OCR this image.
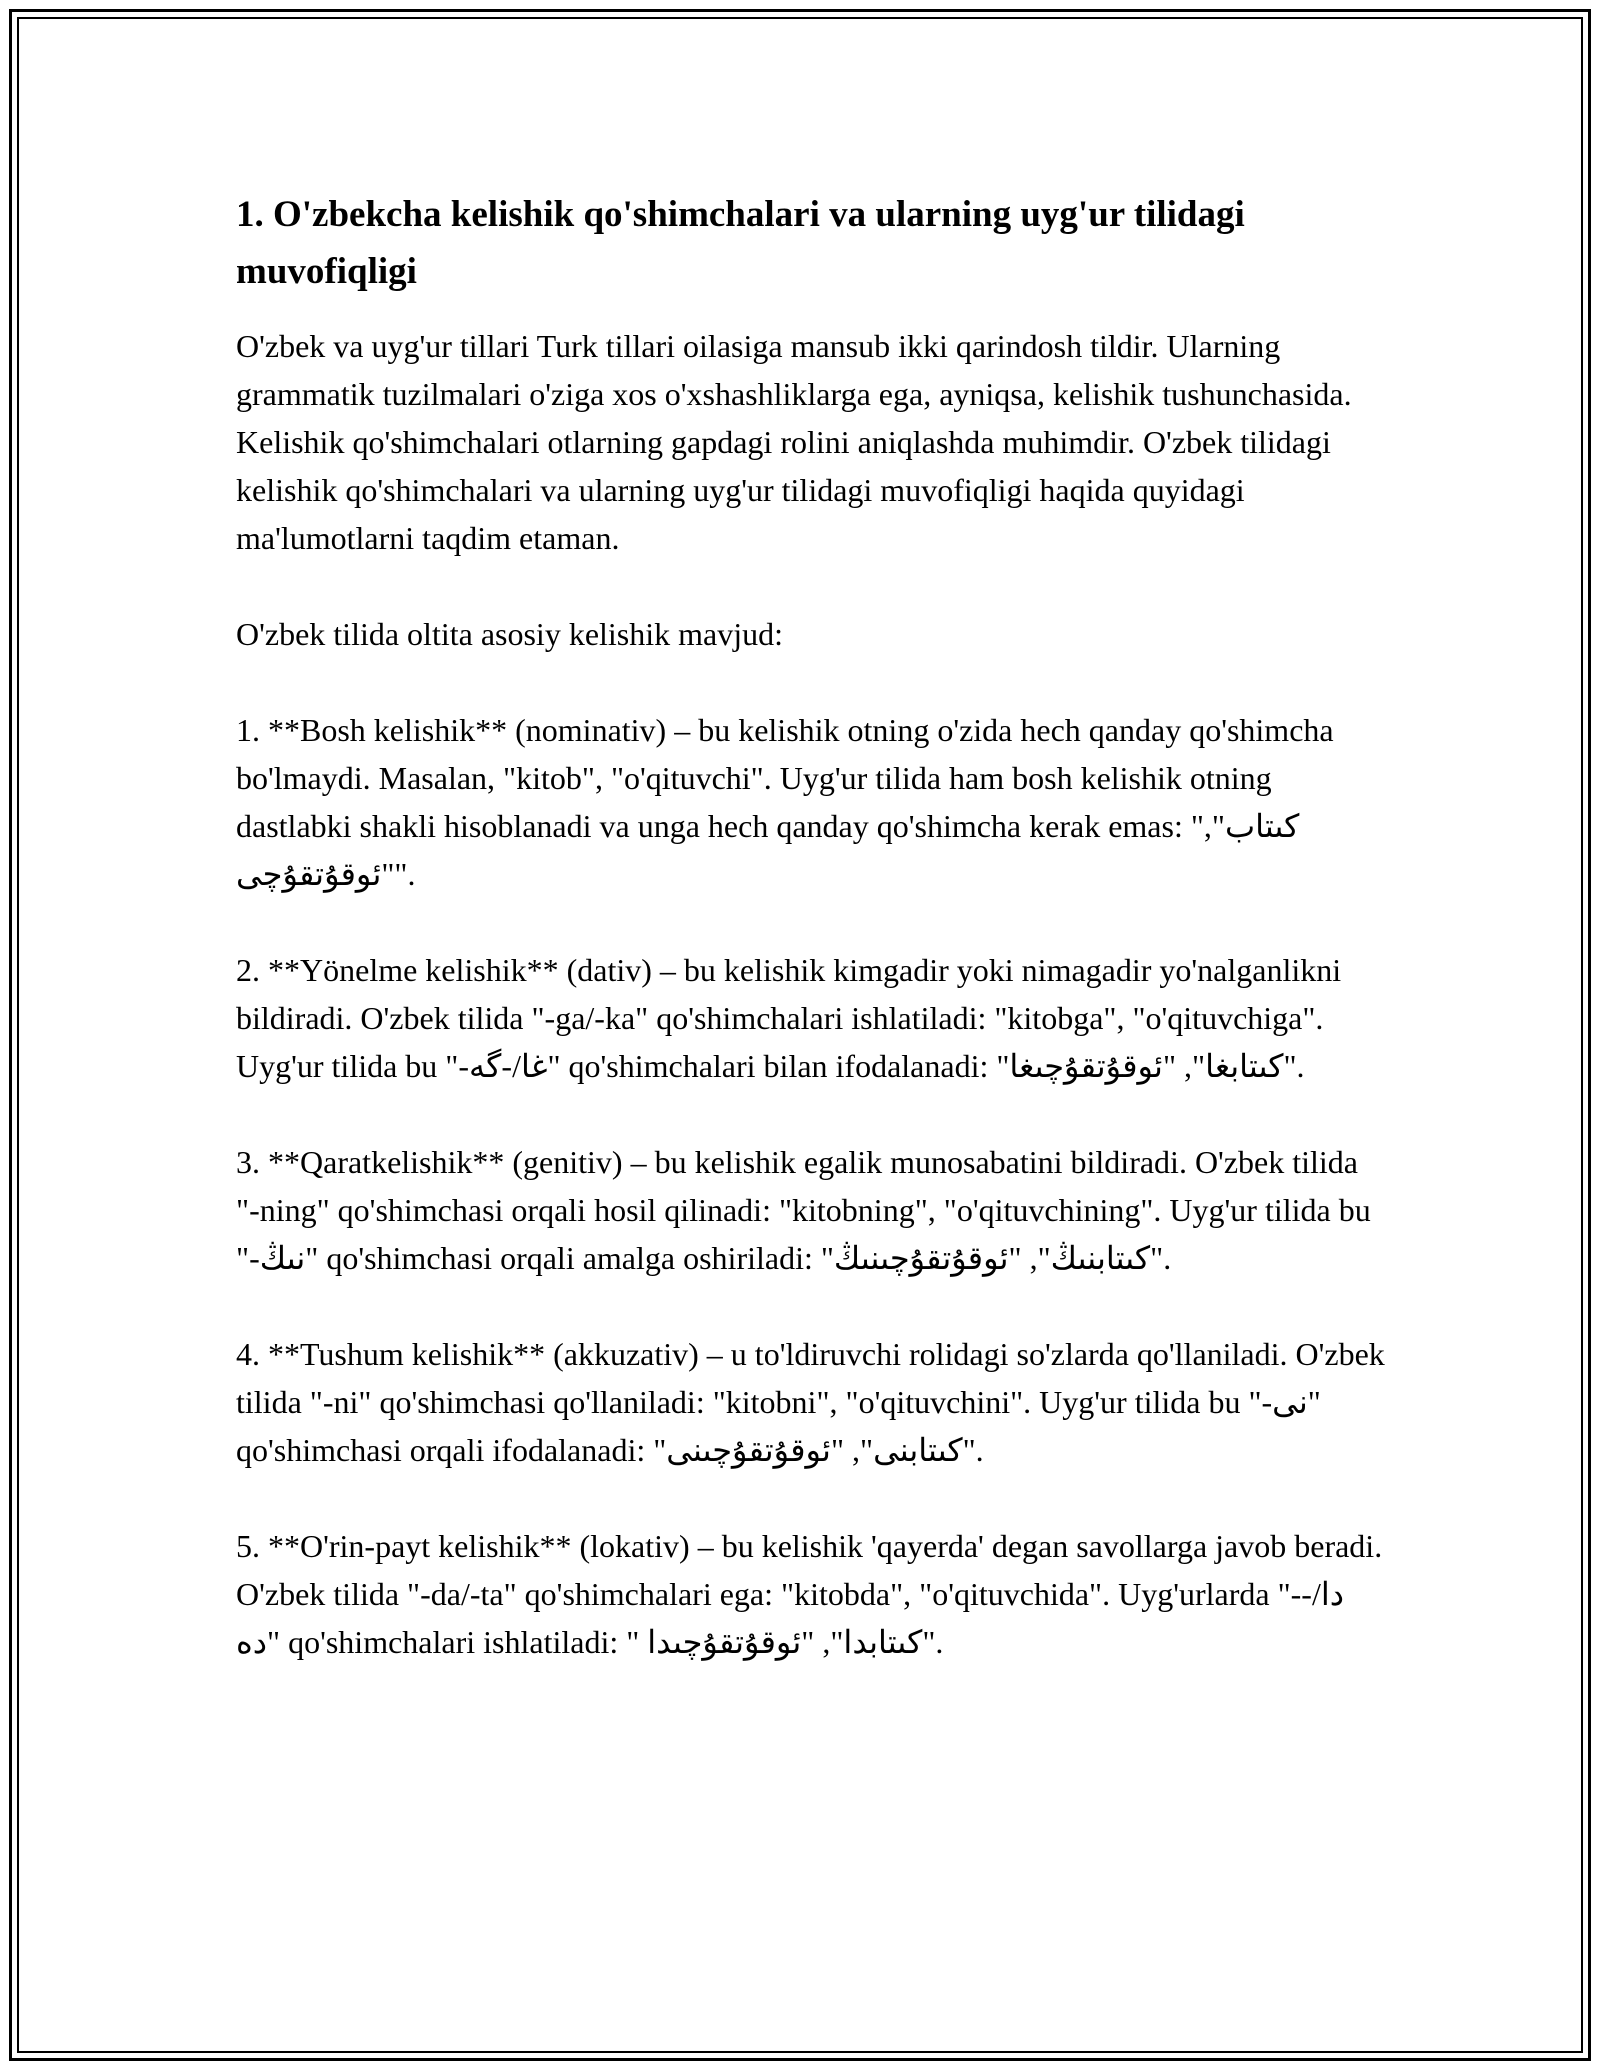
1. O'zbekcha kelishik qo'shimchalari va ularning uyg'ur tilidagi muvofiqligi

O'zbek va uyg'ur tillari Turk tillari oilasiga mansub ikki qarindosh tildir. Ularning grammatik tuzilmalari o'ziga xos o'xshashliklarga ega, ayniqsa, kelishik tushunchasida. Kelishik qo'shimchalari otlarning gapdagi rolini aniqlashda muhimdir. O'zbek tilidagi kelishik qo'shimchalari va ularning uyg'ur tilidagi muvofiqligi haqida quyidagi ma'lumotlarni taqdim etaman.

O'zbek tilida oltita asosiy kelishik mavjud:

1. **Bosh kelishik** (nominativ) – bu kelishik otning o'zida hech qanday qo'shimcha bo'lmaydi. Masalan, "kitob", "o'qituvchi". Uyg'ur tilida ham bosh kelishik otning dastlabki shakli hisoblanadi va unga hech qanday qo'shimcha kerak emas: "كىتاب", "ئوقۇتقۇچى".

2. **Yönelme kelishik** (dativ) – bu kelishik kimgadir yoki nimagadir yo'nalganlikni bildiradi. O'zbek tilida "-ga/-ka" qo'shimchalari ishlatiladi: "kitobga", "o'qituvchiga". Uyg'ur tilida bu "-غا/-گە" qo'shimchalari bilan ifodalanadi: "كىتابغا", "ئوقۇتقۇچىغا".

3. **Qaratkelishik** (genitiv) – bu kelishik egalik munosabatini bildiradi. O'zbek tilida "-ning" qo'shimchasi orqali hosil qilinadi: "kitobning", "o'qituvchining". Uyg'ur tilida bu "-نىڭ" qo'shimchasi orqali amalga oshiriladi: "كىتابنىڭ", "ئوقۇتقۇچىنىڭ".

4. **Tushum kelishik** (akkuzativ) – u to'ldiruvchi rolidagi so'zlarda qo'llaniladi. O'zbek tilida "-ni" qo'shimchasi qo'llaniladi: "kitobni", "o'qituvchini". Uyg'ur tilida bu "-نى" qo'shimchasi orqali ifodalanadi: "كىتابنى", "ئوقۇتقۇچىنى".

5. **O'rin-payt kelishik** (lokativ) – bu kelishik 'qayerda' degan savollarga javob beradi. O'zbek tilida "-da/-ta" qo'shimchalari ega: "kitobda", "o'qituvchida". Uyg'urlarda "-دا/-دە" qo'shimchalari ishlatiladi: " كىتابدا", "ئوقۇتقۇچىدا".
